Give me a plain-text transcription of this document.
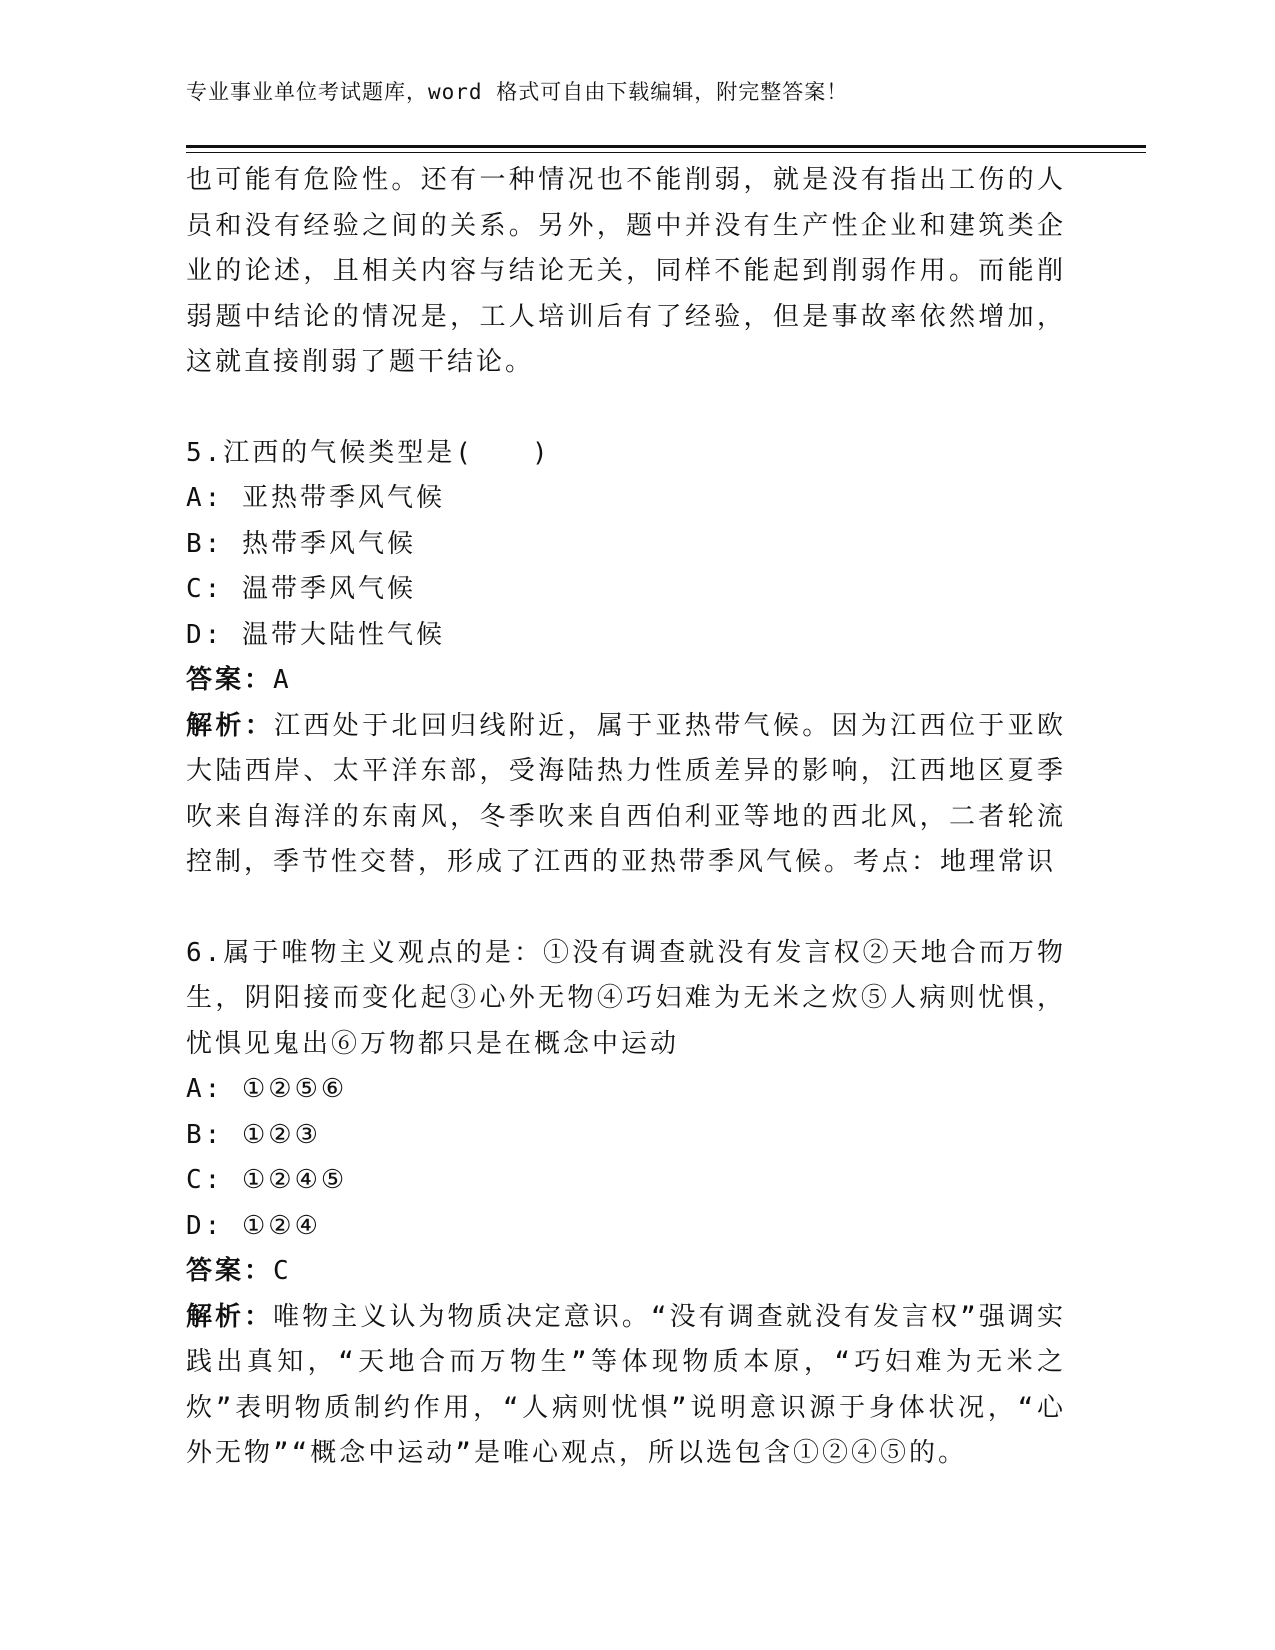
专业事业单位考试题库，word 格式可自由下载编辑，附完整答案！

也可能有危险性。还有一种情况也不能削弱，就是没有指出工伤的人员和没有经验之间的关系。另外，题中并没有生产性企业和建筑类企业的论述，且相关内容与结论无关，同样不能起到削弱作用。而能削弱题中结论的情况是，工人培训后有了经验，但是事故率依然增加，这就直接削弱了题干结论。

5.江西的气候类型是(　　)

A: 亚热带季风气候

B: 热带季风气候

C: 温带季风气候

D: 温带大陆性气候

答案：A

解析：江西处于北回归线附近，属于亚热带气候。因为江西位于亚欧大陆西岸、太平洋东部，受海陆热力性质差异的影响，江西地区夏季吹来自海洋的东南风，冬季吹来自西伯利亚等地的西北风，二者轮流控制，季节性交替，形成了江西的亚热带季风气候。考点：地理常识

6.属于唯物主义观点的是：①没有调查就没有发言权②天地合而万物生，阴阳接而变化起③心外无物④巧妇难为无米之炊⑤人病则忧惧，忧惧见鬼出⑥万物都只是在概念中运动

A: ①②⑤⑥

B: ①②③

C: ①②④⑤

D: ①②④

答案：C

解析：唯物主义认为物质决定意识。“没有调查就没有发言权”强调实践出真知，“天地合而万物生”等体现物质本原，“巧妇难为无米之炊”表明物质制约作用，“人病则忧惧”说明意识源于身体状况，“心外无物”“概念中运动”是唯心观点，所以选包含①②④⑤的。
